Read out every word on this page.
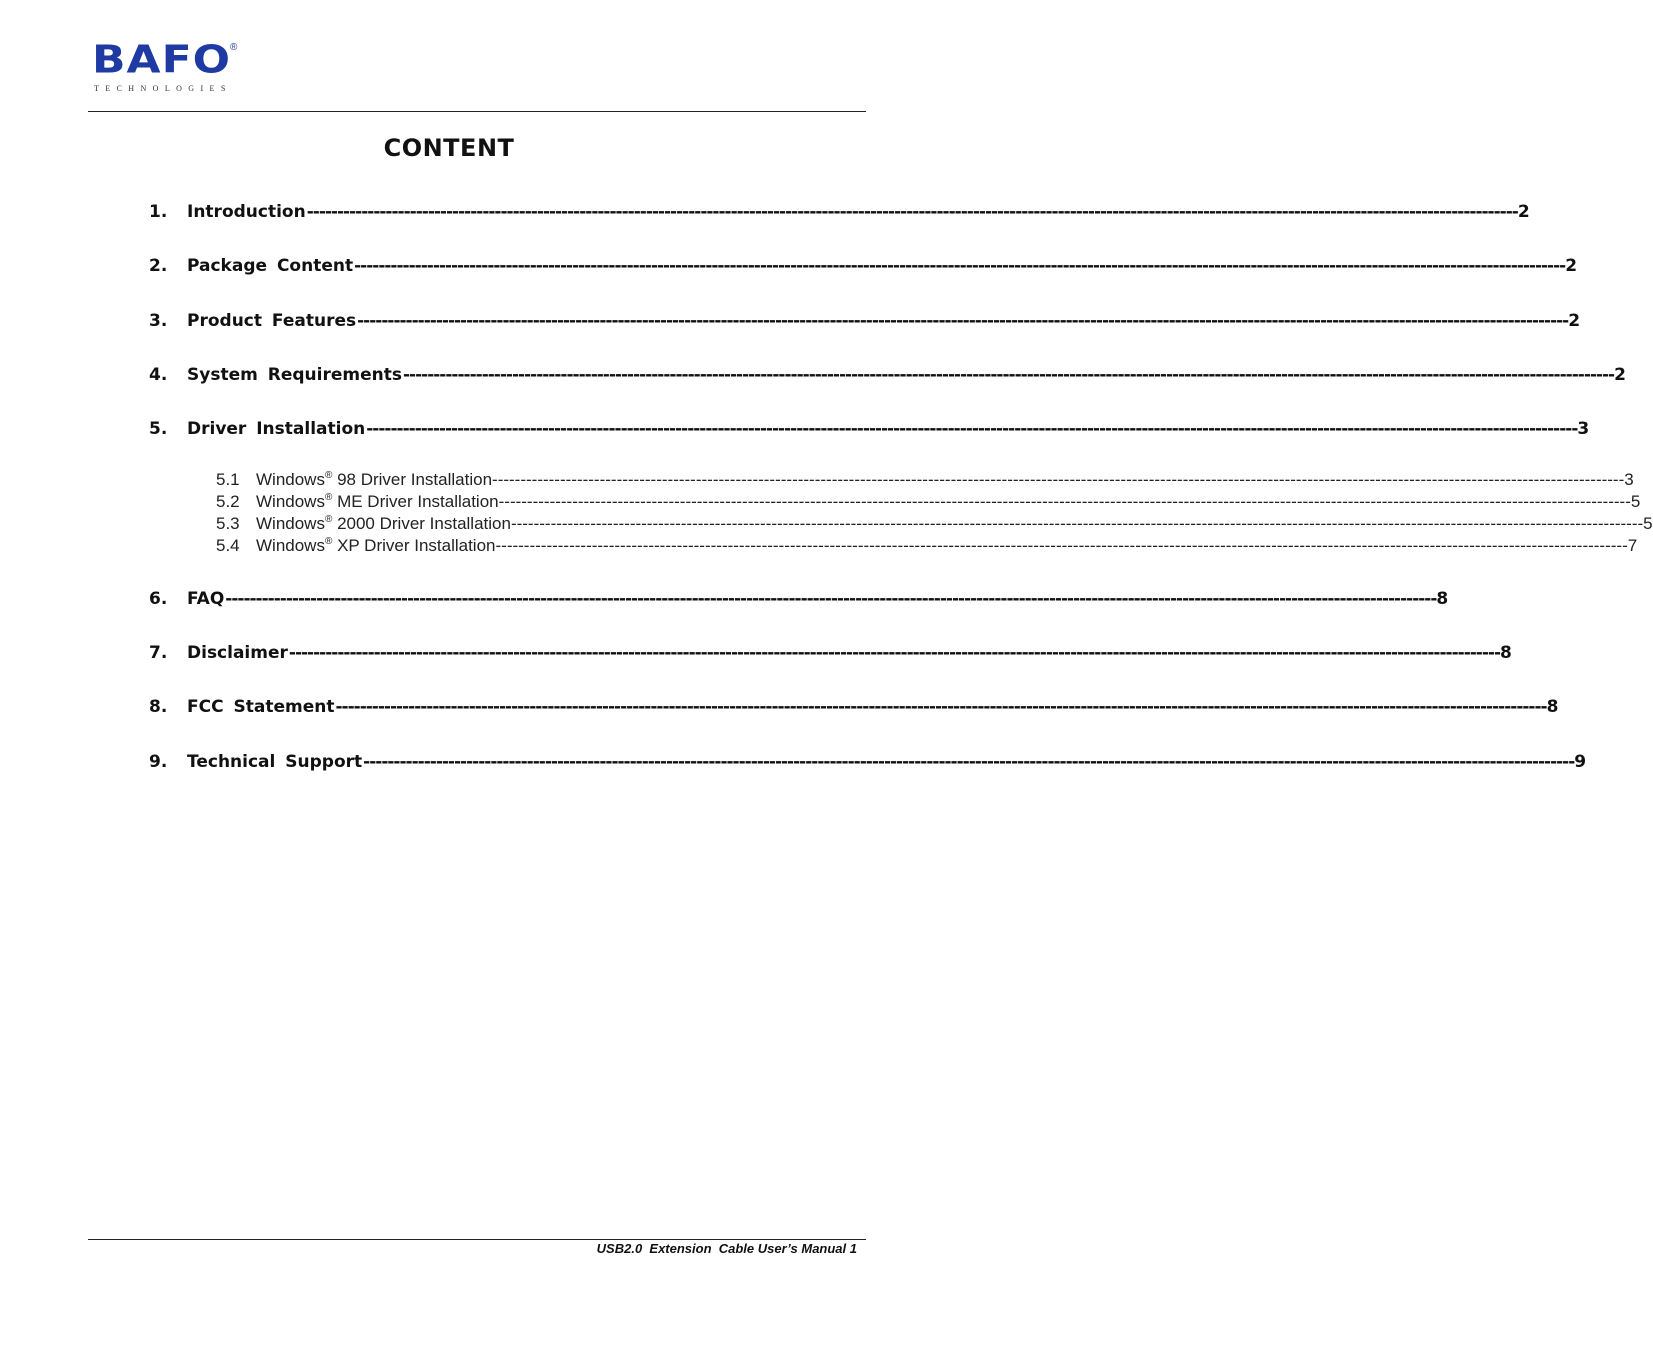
BAFO
®
TECHNOLOGIES
CONTENT
1.	Introduction -------------------------------------------------------------------------------------------------------------------------------------------------------------------------------------------------------- 2
2.	Package Content -------------------------------------------------------------------------------------------------------------------------------------------------------------------------------------------------------- 2
3.	Product Features -------------------------------------------------------------------------------------------------------------------------------------------------------------------------------------------------------- 2
4.	System Requirements -------------------------------------------------------------------------------------------------------------------------------------------------------------------------------------------------------- 2
5.	Driver Installation -------------------------------------------------------------------------------------------------------------------------------------------------------------------------------------------------------- 3
5.1 Windows® 98 Driver Installation -------------------------------------------------------------------------------------------------------------------------------------------------------------------------------------------------------- 3
5.2 Windows® ME Driver Installation -------------------------------------------------------------------------------------------------------------------------------------------------------------------------------------------------------- 5
5.3 Windows® 2000 Driver Installation -------------------------------------------------------------------------------------------------------------------------------------------------------------------------------------------------------- 5
5.4 Windows® XP Driver Installation -------------------------------------------------------------------------------------------------------------------------------------------------------------------------------------------------------- 7
6.	FAQ -------------------------------------------------------------------------------------------------------------------------------------------------------------------------------------------------------- 8
7.	Disclaimer -------------------------------------------------------------------------------------------------------------------------------------------------------------------------------------------------------- 8
8.	FCC Statement -------------------------------------------------------------------------------------------------------------------------------------------------------------------------------------------------------- 8
9.	Technical Support -------------------------------------------------------------------------------------------------------------------------------------------------------------------------------------------------------- 9
USB2.0  Extension  Cable User’s Manual 1
